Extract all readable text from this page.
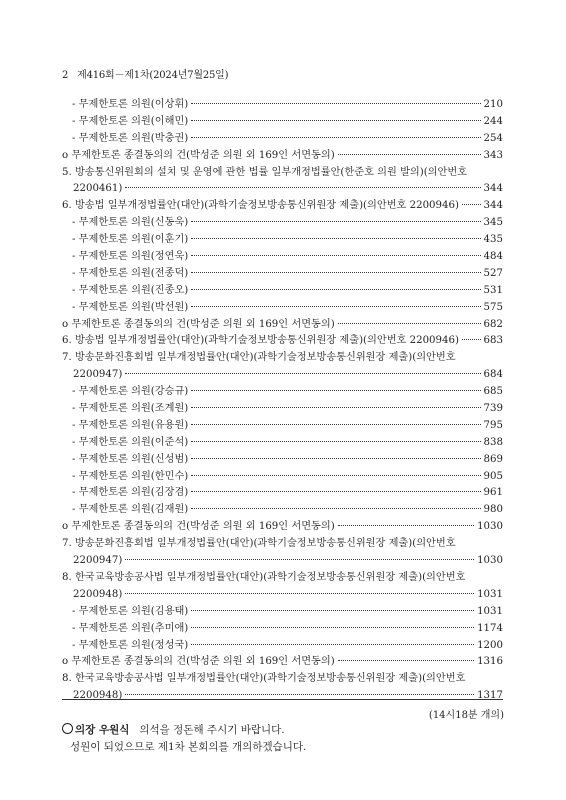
2 제416회－제1차(2024년7월25일)
- 무제한토론 의원(이상휘)	210
- 무제한토론 의원(이해민)	244
- 무제한토론 의원(박충권)	254
o 무제한토론 종결동의의 건(박성준 의원 외 169인 서면동의)	343
5. 방송통신위원회의 설치 및 운영에 관한 법률 일부개정법률안(한준호 의원 발의)(의안번호
2200461)	344
6. 방송법 일부개정법률안(대안)(과학기술정보방송통신위원장 제출)(의안번호 2200946) 344
- 무제한토론 의원(신동욱)	345
- 무제한토론 의원(이훈기)	435
- 무제한토론 의원(정연욱)	484
- 무제한토론 의원(전종덕)	527
- 무제한토론 의원(진종오)	531
- 무제한토론 의원(박선원)	575
o 무제한토론 종결동의의 건(박성준 의원 외 169인 서면동의)	682
6. 방송법 일부개정법률안(대안)(과학기술정보방송통신위원장 제출)(의안번호 2200946) 683
7. 방송문화진흥회법 일부개정법률안(대안)(과학기술정보방송통신위원장 제출)(의안번호
2200947)	684
- 무제한토론 의원(강승규)	685
- 무제한토론 의원(조계원)	739
- 무제한토론 의원(유용원)	795
- 무제한토론 의원(이준석)	838
- 무제한토론 의원(신성범)	869
- 무제한토론 의원(한민수)	905
- 무제한토론 의원(김장겸)	961
- 무제한토론 의원(김재원)	980
o 무제한토론 종결동의의 건(박성준 의원 외 169인 서면동의)	1030
7. 방송문화진흥회법 일부개정법률안(대안)(과학기술정보방송통신위원장 제출)(의안번호
2200947)	1030
8. 한국교육방송공사법 일부개정법률안(대안)(과학기술정보방송통신위원장 제출)(의안번호
2200948)	1031
- 무제한토론 의원(김용태)	1031
- 무제한토론 의원(추미애)	1174
- 무제한토론 의원(정성국)	1200
o 무제한토론 종결동의의 건(박성준 의원 외 169인 서면동의)	1316
8. 한국교육방송공사법 일부개정법률안(대안)(과학기술정보방송통신위원장 제출)(의안번호
2200948)	1317
(14시18분 개의)
의장 우원식 의석을 정돈해 주시기 바랍니다.
성원이 되었으므로 제1차 본회의를 개의하겠습니다.
